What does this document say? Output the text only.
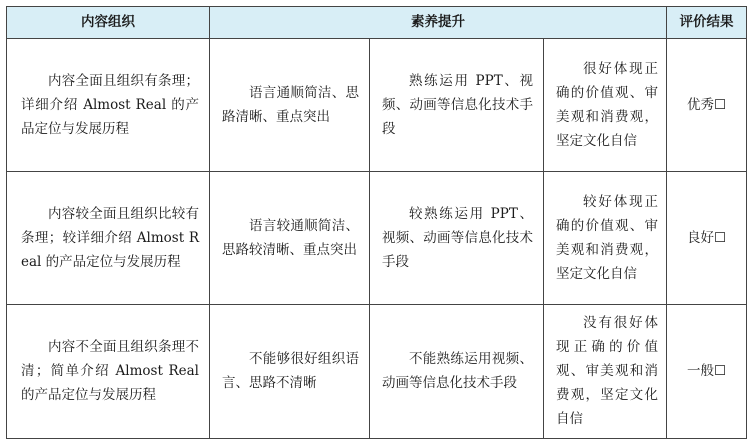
内容组织	素养提升			评价结果

内容全面且组织有条理；详细介绍 Almost Real 的产品定位与发展历程	语言通顺简洁、思路清晰、重点突出	熟练运用 PPT、视频、动画等信息化技术手段	很好体现正确的价值观、审美观和消费观，坚定文化自信	优秀☐

内容较全面且组织比较有条理；较详细介绍 Almost Real 的产品定位与发展历程	语言较通顺简洁、思路较清晰、重点突出	较熟练运用 PPT、视频、动画等信息化技术手段	较好体现正确的价值观、审美观和消费观，坚定文化自信	良好☐

内容不全面且组织条理不清；简单介绍 Almost Real 的产品定位与发展历程	不能够很好组织语言、思路不清晰	不能熟练运用视频、动画等信息化技术手段	没有很好体现正确的价值观、审美观和消费观，坚定文化自信	一般☐
